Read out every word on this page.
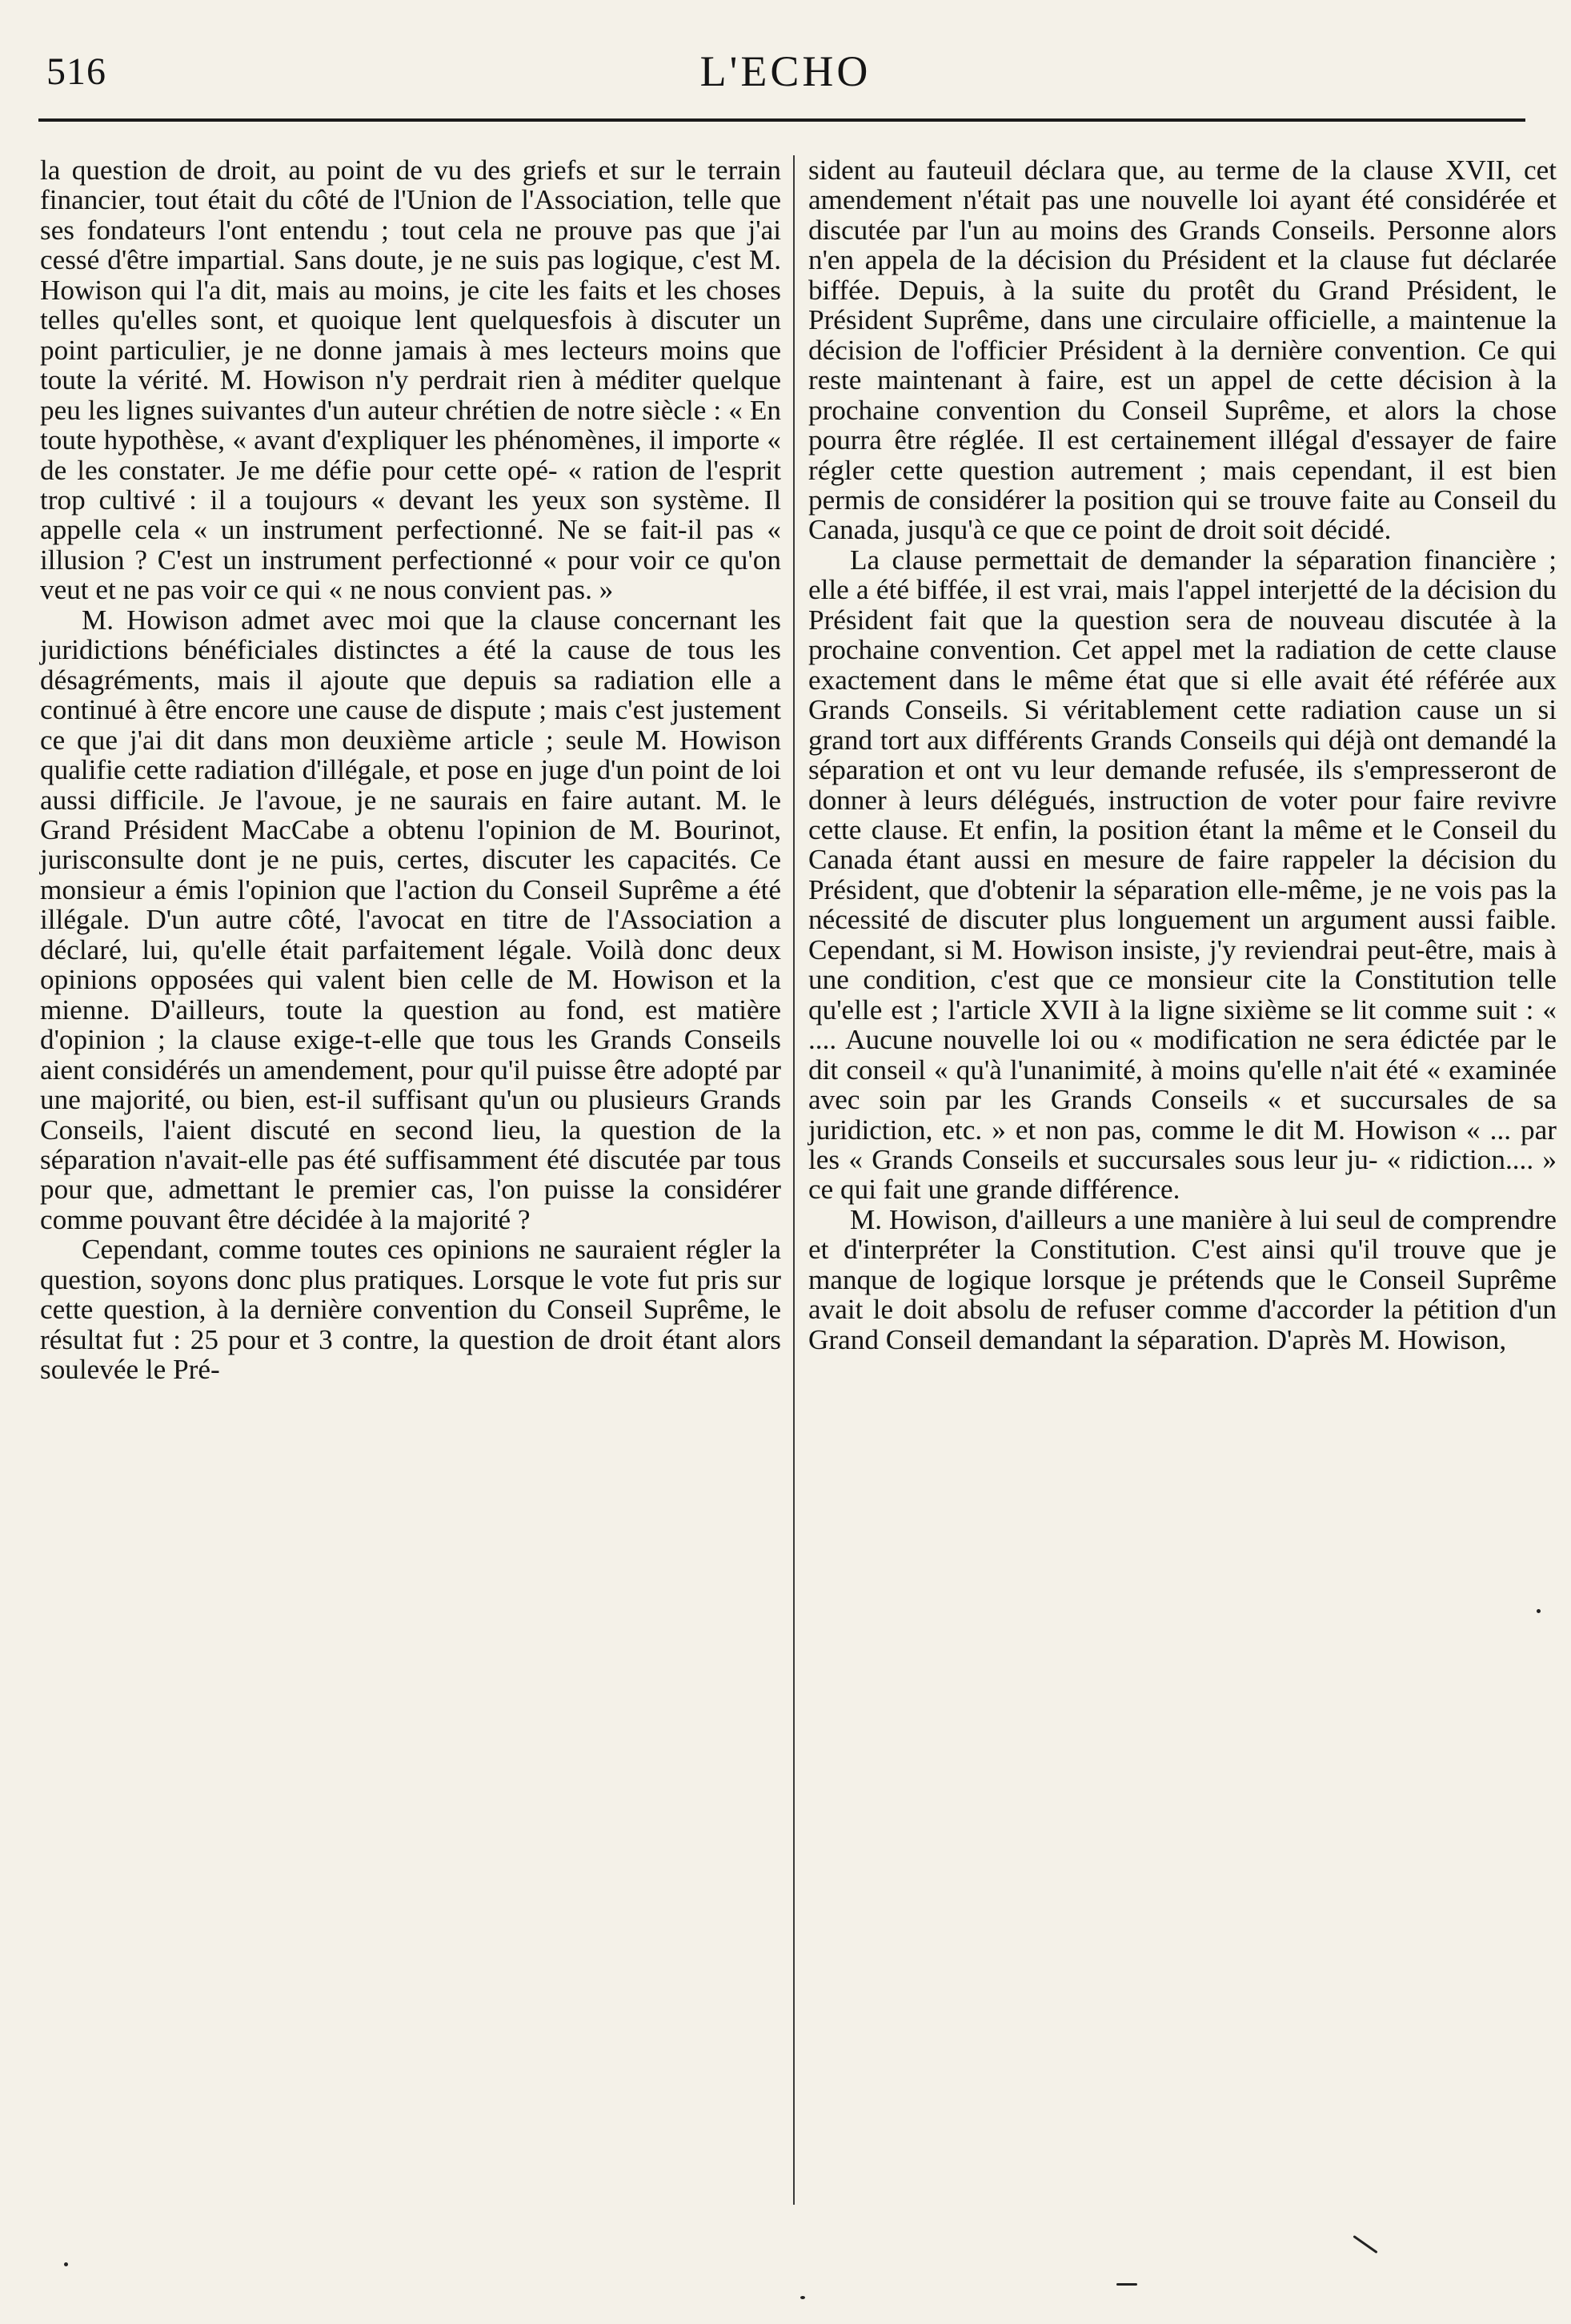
516	L'ECHO

la question de droit, au point de vu des griefs et sur le terrain financier, tout était du côté de l'Union de l'Association, telle que ses fondateurs l'ont entendu ; tout cela ne prouve pas que j'ai cessé d'être impartial. Sans doute, je ne suis pas logique, c'est M. Howison qui l'a dit, mais au moins, je cite les faits et les choses telles qu'elles sont, et quoique lent quelquesfois à discuter un point particulier, je ne donne jamais à mes lecteurs moins que toute la vérité. M. Howison n'y perdrait rien à méditer quelque peu les lignes suivantes d'un auteur chrétien de notre siècle : « En toute hypothèse, « avant d'expliquer les phénomènes, il importe « de les constater. Je me défie pour cette opé- « ration de l'esprit trop cultivé : il a toujours « devant les yeux son système. Il appelle cela « un instrument perfectionné. Ne se fait-il pas « illusion ? C'est un instrument perfectionné « pour voir ce qu'on veut et ne pas voir ce qui « ne nous convient pas. »

M. Howison admet avec moi que la clause concernant les juridictions bénéficiales distinctes a été la cause de tous les désagréments, mais il ajoute que depuis sa radiation elle a continué à être encore une cause de dispute ; mais c'est justement ce que j'ai dit dans mon deuxième article ; seule M. Howison qualifie cette radiation d'illégale, et pose en juge d'un point de loi aussi difficile. Je l'avoue, je ne saurais en faire autant. M. le Grand Président MacCabe a obtenu l'opinion de M. Bourinot, jurisconsulte dont je ne puis, certes, discuter les capacités. Ce monsieur a émis l'opinion que l'action du Conseil Suprême a été illégale. D'un autre côté, l'avocat en titre de l'Association a déclaré, lui, qu'elle était parfaitement légale. Voilà donc deux opinions opposées qui valent bien celle de M. Howison et la mienne. D'ailleurs, toute la question au fond, est matière d'opinion ; la clause exige-t-elle que tous les Grands Conseils aient considérés un amendement, pour qu'il puisse être adopté par une majorité, ou bien, est-il suffisant qu'un ou plusieurs Grands Conseils, l'aient discuté en second lieu, la question de la séparation n'avait-elle pas été suffisamment été discutée par tous pour que, admettant le premier cas, l'on puisse la considérer comme pouvant être décidée à la majorité ?

Cependant, comme toutes ces opinions ne sauraient régler la question, soyons donc plus pratiques. Lorsque le vote fut pris sur cette question, à la dernière convention du Conseil Suprême, le résultat fut : 25 pour et 3 contre, la question de droit étant alors soulevée le Pré-

sident au fauteuil déclara que, au terme de la clause XVII, cet amendement n'était pas une nouvelle loi ayant été considérée et discutée par l'un au moins des Grands Conseils. Personne alors n'en appela de la décision du Président et la clause fut déclarée biffée. Depuis, à la suite du protêt du Grand Président, le Président Suprême, dans une circulaire officielle, a maintenue la décision de l'officier Président à la dernière convention. Ce qui reste maintenant à faire, est un appel de cette décision à la prochaine convention du Conseil Suprême, et alors la chose pourra être réglée. Il est certainement illégal d'essayer de faire régler cette question autrement ; mais cependant, il est bien permis de considérer la position qui se trouve faite au Conseil du Canada, jusqu'à ce que ce point de droit soit décidé.

La clause permettait de demander la séparation financière ; elle a été biffée, il est vrai, mais l'appel interjetté de la décision du Président fait que la question sera de nouveau discutée à la prochaine convention. Cet appel met la radiation de cette clause exactement dans le même état que si elle avait été référée aux Grands Conseils. Si véritablement cette radiation cause un si grand tort aux différents Grands Conseils qui déjà ont demandé la séparation et ont vu leur demande refusée, ils s'empresseront de donner à leurs délégués, instruction de voter pour faire revivre cette clause. Et enfin, la position étant la même et le Conseil du Canada étant aussi en mesure de faire rappeler la décision du Président, que d'obtenir la séparation elle-même, je ne vois pas la nécessité de discuter plus longuement un argument aussi faible. Cependant, si M. Howison insiste, j'y reviendrai peut-être, mais à une condition, c'est que ce monsieur cite la Constitution telle qu'elle est ; l'article XVII à la ligne sixième se lit comme suit : « .... Aucune nouvelle loi ou « modification ne sera édictée par le dit conseil « qu'à l'unanimité, à moins qu'elle n'ait été « examinée avec soin par les Grands Conseils « et succursales de sa juridiction, etc. » et non pas, comme le dit M. Howison « ... par les « Grands Conseils et succursales sous leur ju- « ridiction.... » ce qui fait une grande différence.

M. Howison, d'ailleurs a une manière à lui seul de comprendre et d'interpréter la Constitution. C'est ainsi qu'il trouve que je manque de logique lorsque je prétends que le Conseil Suprême avait le doit absolu de refuser comme d'accorder la pétition d'un Grand Conseil demandant la séparation. D'après M. Howison,
